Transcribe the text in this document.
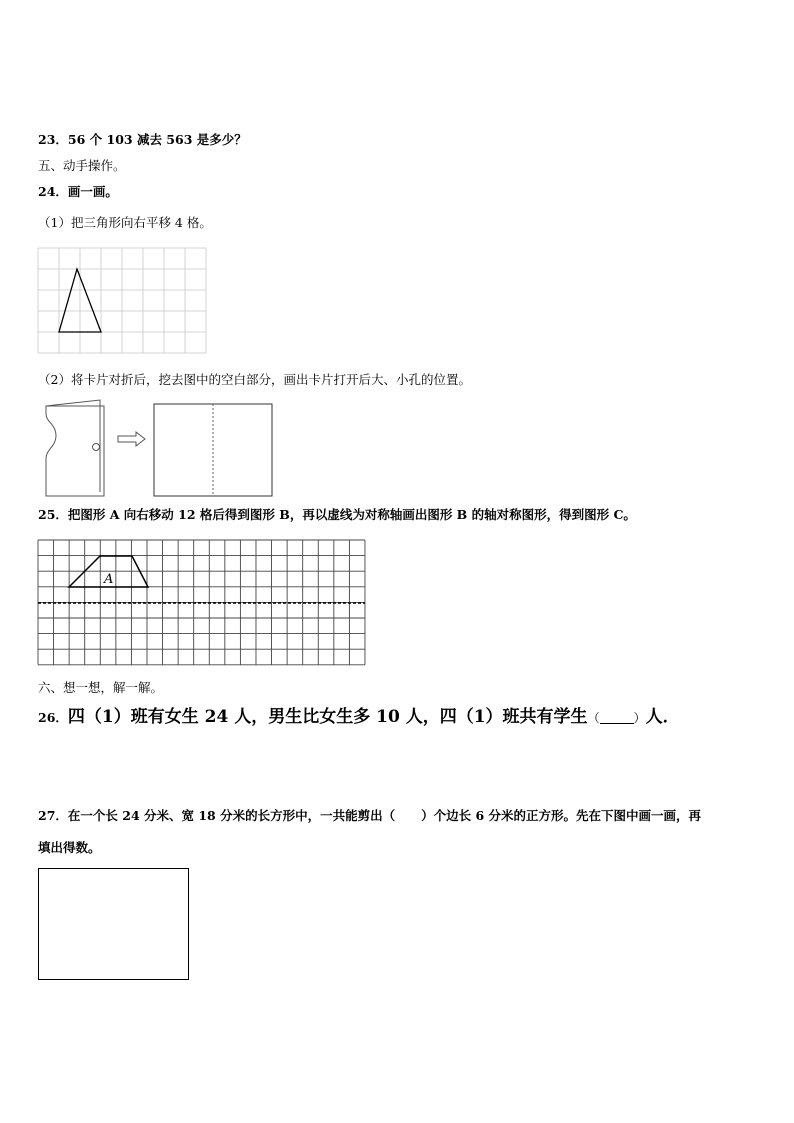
23．56 个 103 减去 563 是多少？
五、动手操作。
24．画一画。
（1）把三角形向右平移 4 格。
（2）将卡片对折后，挖去图中的空白部分，画出卡片打开后大、小孔的位置。
25．把图形 A 向右移动 12 格后得到图形 B，再以虚线为对称轴画出图形 B 的轴对称图形，得到图形 C。
A
六、想一想，解一解。
26．四（1）班有女生 24 人，男生比女生多 10 人，四（1）班共有学生（	）人．
27．在一个长 24 分米、宽 18 分米的长方形中，一共能剪出（ ）个边长 6 分米的正方形。先在下图中画一画，再
填出得数。
